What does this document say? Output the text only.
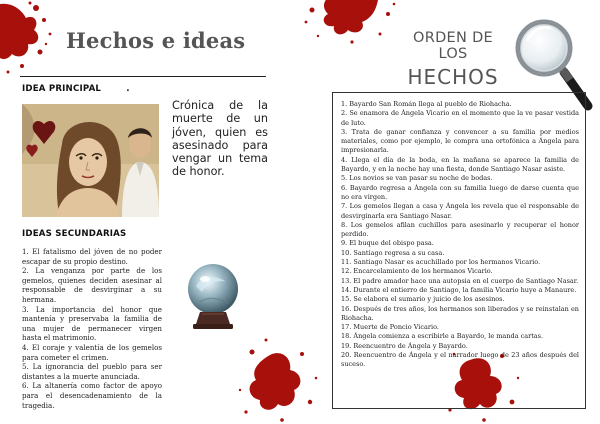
Hechos e ideas
IDEA PRINCIPAL	.
Crónica de la muerte de un jóven, quien es asesinado para vengar un tema de honor.
IDEAS SECUNDARIAS
1. El fatalismo del jóven de no poder escapar de su propio destino.
2. La venganza por parte de los gemelos, quienes deciden asesinar al responsable de desvirginar a su hermana.
3. La importancia del honor que mantenía y preservaba la familia de una mujer de permanecer virgen hasta el matrimonio.
4. El coraje y valentía de los gemelos para cometer el crimen.
5. La ignorancia del pueblo para ser distantes a la muerte anunciada.
6. La altanería como factor de apoyo para el desencadenamiento de la tragedia.
ORDEN DE LOS
HECHOS
1. Bayardo San Román llega al pueblo de Riohacha.
2. Se enamora de Ángela Vicario en el momento que la ve pasar vestida de luto.
3. Trata de ganar confianza y convencer a su familia por medios materiales, como por ejemplo, le compra una ortofónica a Ángela para impresionarla.
4. Llega el día de la boda, en la mañana se aparece la familia de Bayardo, y en la noche hay una fiesta, donde Santiago Nasar asiste.
5. Los novios se van pasar su noche de bodas.
6. Bayardo regresa a Ángela con su familia luego de darse cuenta que no era virgen.
7. Los gemelos llegan a casa y Ángela les revela que el responsable de desvirginarla era Santiago Nasar.
8. Los gemelos afilan cuchillos para asesinarlo y recuperar el honor perdido.
9. El buque del obispo pasa.
10. Santiago regresa a su casa.
11. Santiago Nasar es acuchillado por los hermanos Vicario.
12. Encarcelamiento de los hermanos Vicario.
13. El padre amador hace una autopsia en el cuerpo de Santiago Nasar.
14. Durante el entierro de Santiago, la familia Vicario huye a Manaure.
15. Se elabora el sumario y juicio de los asesinos.
16. Después de tres años, los hermanos son liberados y se reinstalan en Riohacha.
17. Muerte de Poncio Vicario.
18. Ángela comienza a escribirle a Bayardo, le manda cartas.
19. Reencuentro de Ángela y Bayardo.
20. Reencuentro de Ángela y el narrador luego de 23 años después del suceso.
